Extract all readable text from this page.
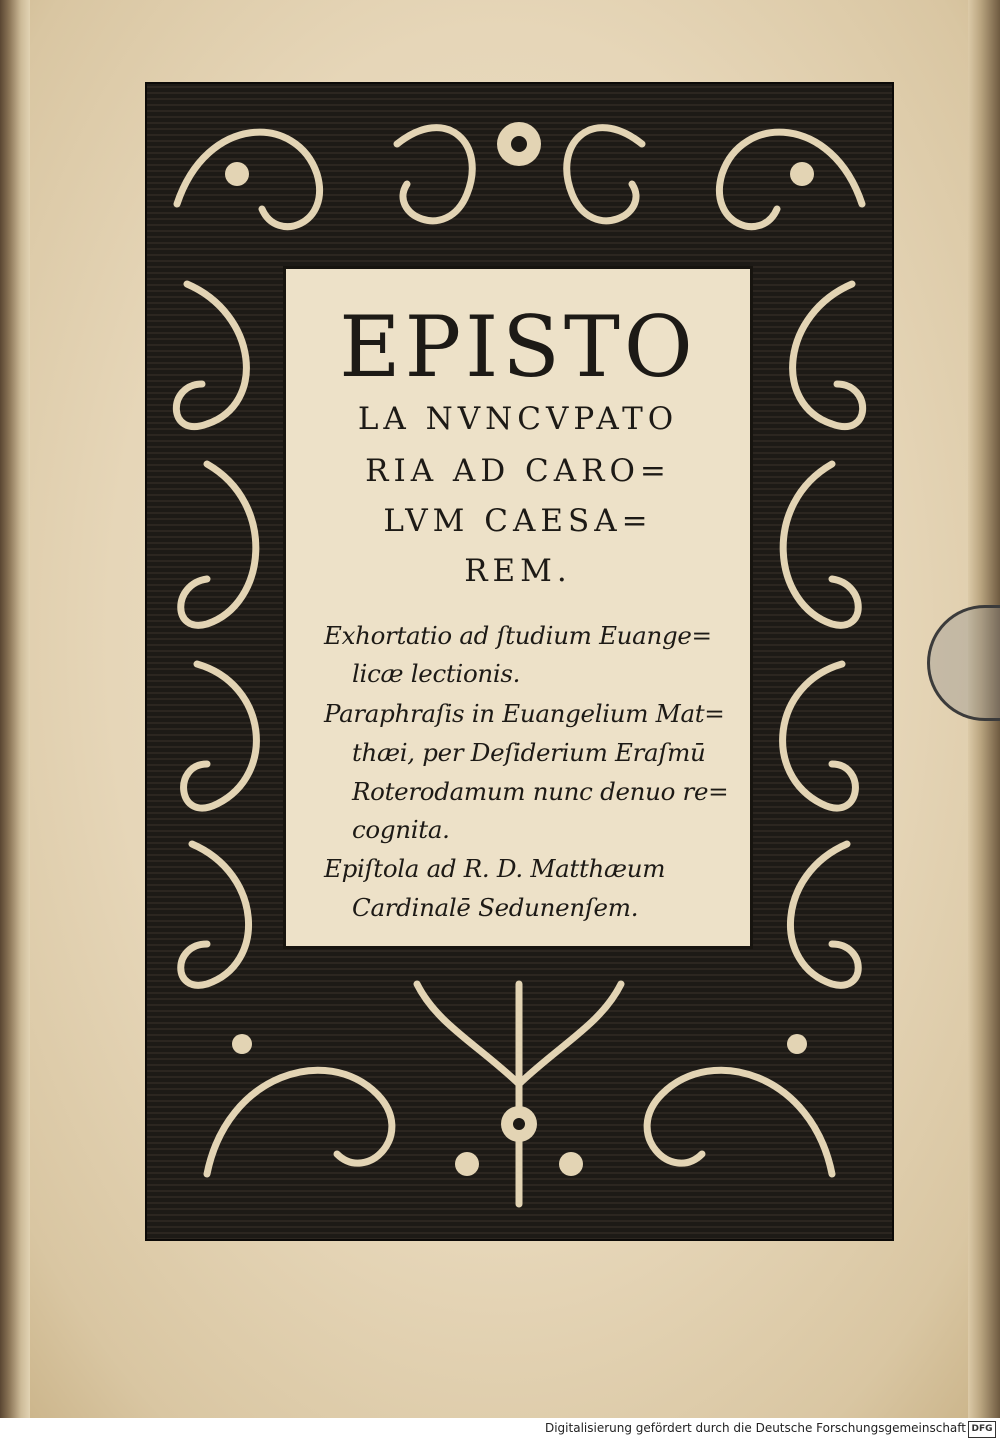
EPISTO
LA NVNCVPATO
RIA AD CARO=
LVM CAESA=
REM.
Exhortatio ad ſtudium Euange=
licæ lectionis.
Paraphraſis in Euangelium Mat=
thæi, per Deſiderium Eraſmū
Roterodamum nunc denuo re=
cognita.
Epiſtola ad R. D. Matthæum
Cardinalē Sedunenſem.
Digitalisierung gefördert durch die Deutsche Forschungsgemeinschaft DFG
